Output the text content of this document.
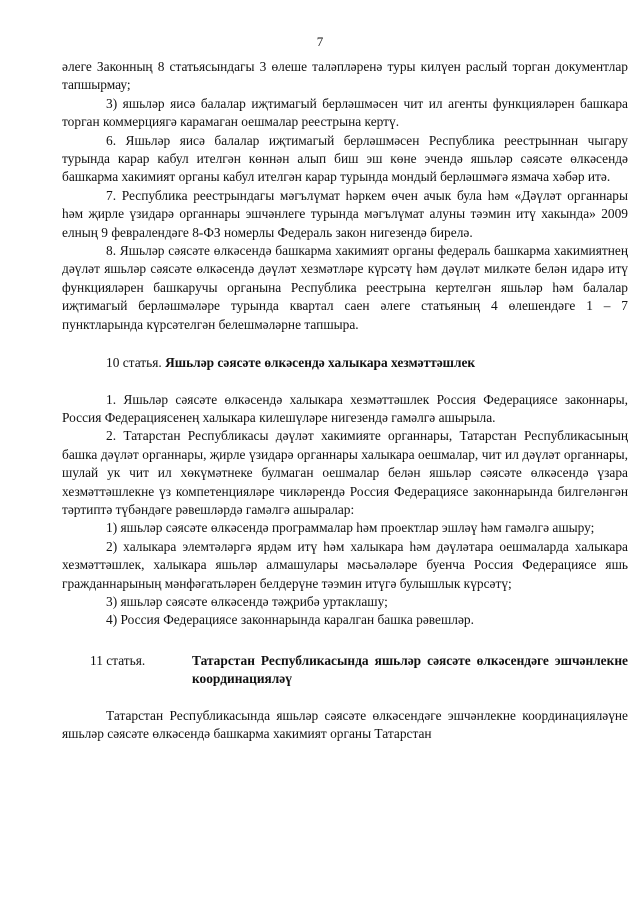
7

әлеге Законның 8 статьясындагы 3 өлеше таләпләренә туры килүен раслый торган документлар тапшырмау;

3) яшьләр яисә балалар иҗтимагый берләшмәсен чит ил агенты функцияләрен башкара торган коммерциягә карамаган оешмалар реестрына кертү.

6. Яшьләр яисә балалар иҗтимагый берләшмәсен Республика реестрыннан чыгару турында карар кабул ителгән көннән алып биш эш көне эчендә яшьләр сәясәте өлкәсендә башкарма хакимият органы кабул ителгән карар турында мондый берләшмәгә язмача хәбәр итә.

7. Республика реестрындагы мәгълүмат һәркем өчен ачык була һәм «Дәүләт органнары һәм җирле үзидарә органнары эшчәнлеге турында мәгълүмат алуны тәэмин итү хакында» 2009 елның 9 февралендәге 8-ФЗ номерлы Федераль закон нигезендә бирелә.

8. Яшьләр сәясәте өлкәсендә башкарма хакимият органы федераль башкарма хакимиятнең дәүләт яшьләр сәясәте өлкәсендә дәүләт хезмәтләре күрсәтү һәм дәүләт милкәте белән идарә итү функцияләрен башкаручы органына Республика реестрына кертелгән яшьләр һәм балалар иҗтимагый берләшмәләре турында квартал саен әлеге статьяның 4 өлешендәге 1 – 7 пунктларында күрсәтелгән белешмәләрне тапшыра.

10 статья. Яшьләр сәясәте өлкәсендә халыкара хезмәттәшлек

1. Яшьләр сәясәте өлкәсендә халыкара хезмәттәшлек Россия Федерациясе законнары, Россия Федерациясенең халыкара килешүләре нигезендә гамәлгә ашырыла.

2. Татарстан Республикасы дәүләт хакимияте органнары, Татарстан Республикасының башка дәүләт органнары, җирле үзидарә органнары халыкара оешмалар, чит ил дәүләт органнары, шулай ук чит ил хөкүмәтнеке булмаган оешмалар белән яшьләр сәясәте өлкәсендә үзара хезмәттәшлекне үз компетенцияләре чикләрендә Россия Федерациясе законнарында билгеләнгән тәртиптә түбәндәге рәвешләрдә гамәлгә ашыралар:

1) яшьләр сәясәте өлкәсендә программалар һәм проектлар эшләү һәм гамәлгә ашыру;

2) халыкара элемтәләргә ярдәм итү һәм халыкара һәм дәүләтара оешмаларда халыкара хезмәттәшлек, халыкара яшьләр алмашулары мәсьәләләре буенча Россия Федерациясе яшь гражданнарының мәнфәгатьләрен белдерүне тәэмин итүгә булышлык күрсәтү;

3) яшьләр сәясәте өлкәсендә тәҗрибә уртаклашу;

4) Россия Федерациясе законнарында каралган башка рәвешләр.

11 статья.	Татарстан Республикасында яшьләр сәясәте өлкәсендәге эшчәнлекне координацияләү

Татарстан Республикасында яшьләр сәясәте өлкәсендәге эшчәнлекне координацияләүне яшьләр сәясәте өлкәсендә башкарма хакимият органы Татарстан
